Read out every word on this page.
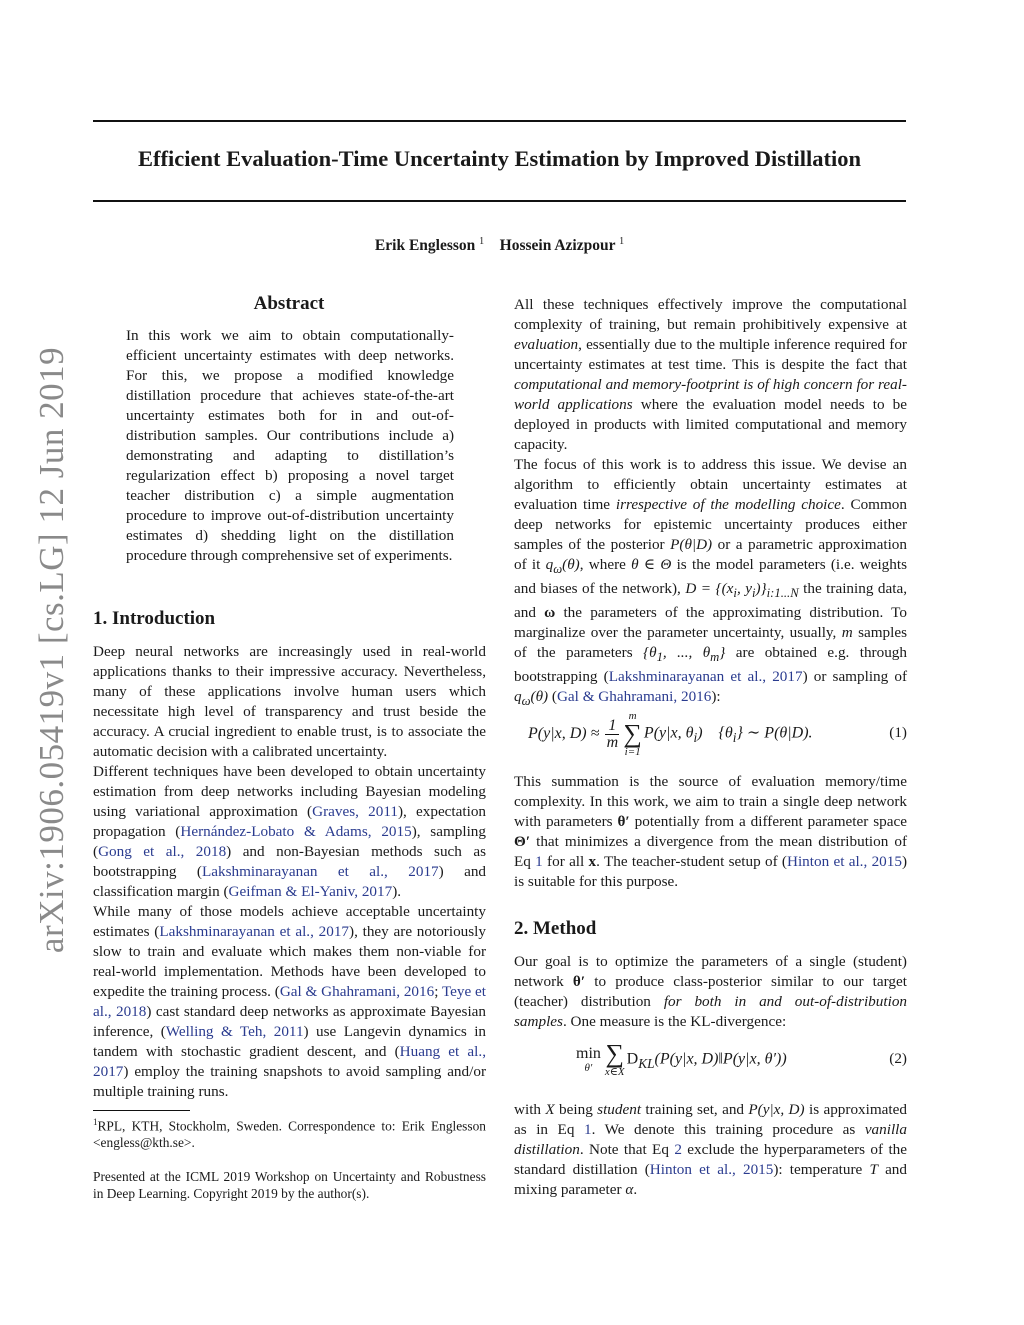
arXiv:1906.05419v1 [cs.LG] 12 Jun 2019
Efficient Evaluation-Time Uncertainty Estimation by Improved Distillation
Erik Englesson $^1$ Hossein Azizpour $^1$
Abstract

In this work we aim to obtain computationally-efficient uncertainty estimates with deep networks. For this, we propose a modified knowledge distillation procedure that achieves state-of-the-art uncertainty estimates both for in and out-of-distribution samples. Our contributions include a) demonstrating and adapting to distillation’s regularization effect b) proposing a novel target teacher distribution c) a simple augmentation procedure to improve out-of-distribution uncertainty estimates d) shedding light on the distillation procedure through comprehensive set of experiments.

1. Introduction

Deep neural networks are increasingly used in real-world applications thanks to their impressive accuracy. Nevertheless, many of these applications involve human users which necessitate high level of transparency and trust beside the accuracy. A crucial ingredient to enable trust, is to associate the automatic decision with a calibrated uncertainty.

Different techniques have been developed to obtain uncertainty estimation from deep networks including Bayesian modeling using variational approximation (Graves, 2011), expectation propagation (Hernández-Lobato & Adams, 2015), sampling (Gong et al., 2018) and non-Bayesian methods such as bootstrapping (Lakshminarayanan et al., 2017) and classification margin (Geifman & El-Yaniv, 2017).

While many of those models achieve acceptable uncertainty estimates (Lakshminarayanan et al., 2017), they are notoriously slow to train and evaluate which makes them non-viable for real-world implementation. Methods have been developed to expedite the training process. (Gal & Ghahramani, 2016; Teye et al., 2018) cast standard deep networks as approximate Bayesian inference, (Welling & Teh, 2011) use Langevin dynamics in tandem with stochastic gradient descent, and (Huang et al., 2017) employ the training snapshots to avoid sampling and/or multiple training runs.

$^1$RPL, KTH, Stockholm, Sweden. Correspondence to: Erik Englesson <engless@kth.se>.

Presented at the ICML 2019 Workshop on Uncertainty and Robustness in Deep Learning. Copyright 2019 by the author(s).

All these techniques effectively improve the computational complexity of training, but remain prohibitively expensive at evaluation, essentially due to the multiple inference required for uncertainty estimates at test time. This is despite the fact that computational and memory-footprint is of high concern for real-world applications where the evaluation model needs to be deployed in products with limited computational and memory capacity.

The focus of this work is to address this issue. We devise an algorithm to efficiently obtain uncertainty estimates at evaluation time irrespective of the modelling choice. Common deep networks for epistemic uncertainty produces either samples of the posterior P(θ|D) or a parametric approximation of it $q_\omega(\theta)$, where θ ∈ Θ is the model parameters (i.e. weights and biases of the network), $D = \{(x_i$, $y_i)\}_{i:1...N}$ the training data, and ω the parameters of the approximating distribution. To marginalize over the parameter uncertainty, usually, m samples of the parameters {$\theta_1$, ..., $\theta_m$} are obtained e.g. through bootstrapping (Lakshminarayanan et al., 2017) or sampling of $q_\omega(\theta)$ (Gal & Ghahramani, 2016):

P(y|x, $D) \approx \frac{1}{m}$
m
∑
i=1
P(y|x, $\theta_i$) $\{\theta_i\}$ ∼ P(θ|D).	(1)

This summation is the source of evaluation memory/time complexity. In this work, we aim to train a single deep network with parameters θ′ potentially from a different parameter space Θ′ that minimizes a divergence from the mean distribution of Eq 1 for all x. The teacher-student setup of (Hinton et al., 2015) is suitable for this purpose.

2. Method

Our goal is to optimize the parameters of a single (student) network θ′ to produce class-posterior similar to our target (teacher) distribution for both in and out-of-distribution samples. One measure is the KL-divergence:

min
θ′ ∑
x∈X
$D_{KL}(P(y|x$, D)‖P(y|x, θ′))	(2)

with X being student training set, and P(y|x, D) is approximated as in Eq 1. We denote this training procedure as vanilla distillation. Note that Eq 2 exclude the hyperparameters of the standard distillation (Hinton et al., 2015): temperature T and mixing parameter α.
